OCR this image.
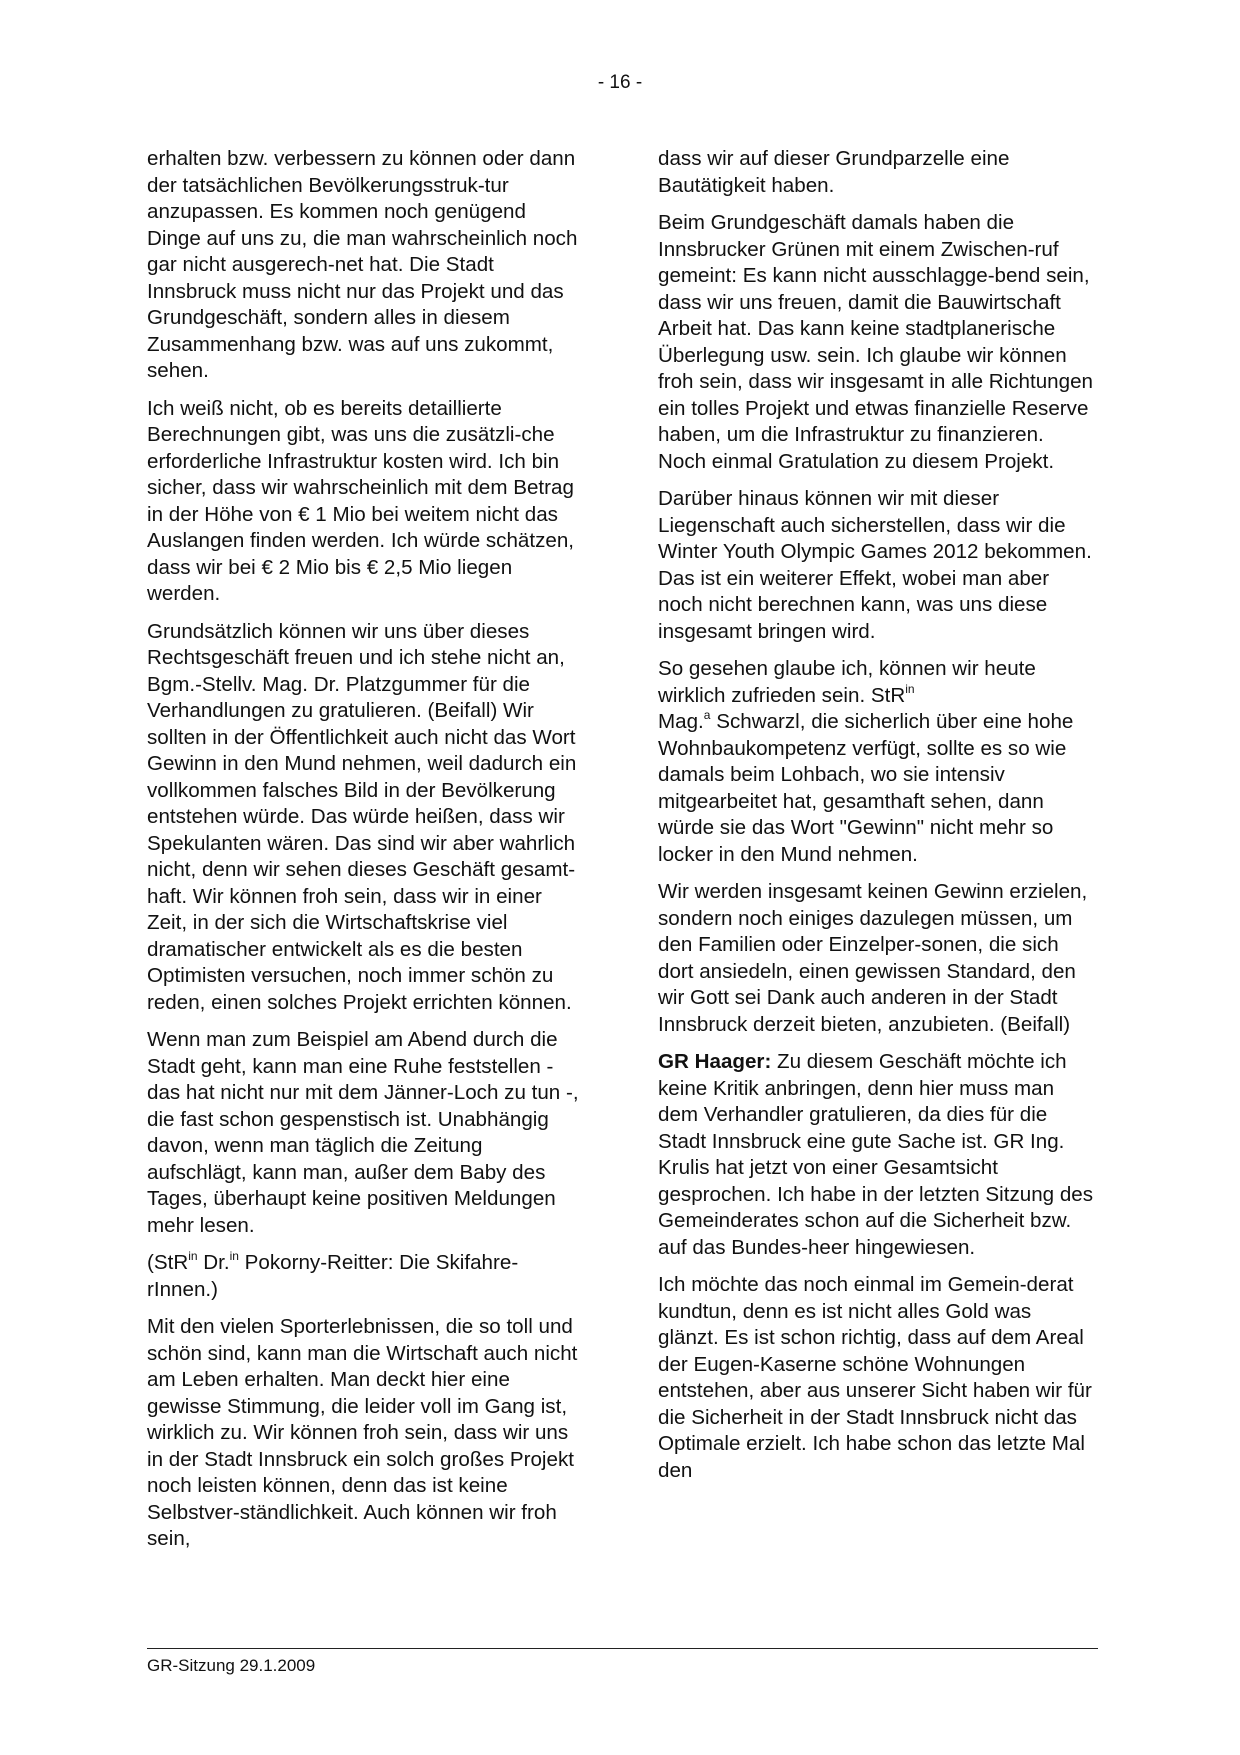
- 16 -

erhalten bzw. verbessern zu können oder dann der tatsächlichen Bevölkerungsstruk-tur anzupassen. Es kommen noch genügend Dinge auf uns zu, die man wahrscheinlich noch gar nicht ausgerech-net hat. Die Stadt Innsbruck muss nicht nur das Projekt und das Grundgeschäft, sondern alles in diesem Zusammenhang bzw. was auf uns zukommt, sehen.

Ich weiß nicht, ob es bereits detaillierte Berechnungen gibt, was uns die zusätzli-che erforderliche Infrastruktur kosten wird. Ich bin sicher, dass wir wahrscheinlich mit dem Betrag in der Höhe von € 1 Mio bei weitem nicht das Auslangen finden werden. Ich würde schätzen, dass wir bei € 2 Mio bis € 2,5 Mio liegen werden.

Grundsätzlich können wir uns über dieses Rechtsgeschäft freuen und ich stehe nicht an, Bgm.-Stellv. Mag. Dr. Platzgummer für die Verhandlungen zu gratulieren. (Beifall) Wir sollten in der Öffentlichkeit auch nicht das Wort Gewinn in den Mund nehmen, weil dadurch ein vollkommen falsches Bild in der Bevölkerung entstehen würde. Das würde heißen, dass wir Spekulanten wären. Das sind wir aber wahrlich nicht, denn wir sehen dieses Geschäft gesamt-haft. Wir können froh sein, dass wir in einer Zeit, in der sich die Wirtschaftskrise viel dramatischer entwickelt als es die besten Optimisten versuchen, noch immer schön zu reden, einen solches Projekt errichten können.

Wenn man zum Beispiel am Abend durch die Stadt geht, kann man eine Ruhe feststellen - das hat nicht nur mit dem Jänner-Loch zu tun -, die fast schon gespenstisch ist. Unabhängig davon, wenn man täglich die Zeitung aufschlägt, kann man, außer dem Baby des Tages, überhaupt keine positiven Meldungen mehr lesen.

(StR$^{in}$ Dr.$^{in}$ Pokorny-Reitter: Die Skifahre-rInnen.)

Mit den vielen Sporterlebnissen, die so toll und schön sind, kann man die Wirtschaft auch nicht am Leben erhalten. Man deckt hier eine gewisse Stimmung, die leider voll im Gang ist, wirklich zu. Wir können froh sein, dass wir uns in der Stadt Innsbruck ein solch großes Projekt noch leisten können, denn das ist keine Selbstver-ständlichkeit. Auch können wir froh sein,

dass wir auf dieser Grundparzelle eine Bautätigkeit haben.

Beim Grundgeschäft damals haben die Innsbrucker Grünen mit einem Zwischen-ruf gemeint: Es kann nicht ausschlagge-bend sein, dass wir uns freuen, damit die Bauwirtschaft Arbeit hat. Das kann keine stadtplanerische Überlegung usw. sein. Ich glaube wir können froh sein, dass wir insgesamt in alle Richtungen ein tolles Projekt und etwas finanzielle Reserve haben, um die Infrastruktur zu finanzieren. Noch einmal Gratulation zu diesem Projekt.

Darüber hinaus können wir mit dieser Liegenschaft auch sicherstellen, dass wir die Winter Youth Olympic Games 2012 bekommen. Das ist ein weiterer Effekt, wobei man aber noch nicht berechnen kann, was uns diese insgesamt bringen wird.

So gesehen glaube ich, können wir heute wirklich zufrieden sein. StR$^{in}$
Mag.$^a$ Schwarzl, die sicherlich über eine hohe Wohnbaukompetenz verfügt, sollte es so wie damals beim Lohbach, wo sie intensiv mitgearbeitet hat, gesamthaft sehen, dann würde sie das Wort "Gewinn" nicht mehr so locker in den Mund nehmen.

Wir werden insgesamt keinen Gewinn erzielen, sondern noch einiges dazulegen müssen, um den Familien oder Einzelper-sonen, die sich dort ansiedeln, einen gewissen Standard, den wir Gott sei Dank auch anderen in der Stadt Innsbruck derzeit bieten, anzubieten. (Beifall)

GR Haager: Zu diesem Geschäft möchte ich keine Kritik anbringen, denn hier muss man dem Verhandler gratulieren, da dies für die Stadt Innsbruck eine gute Sache ist. GR Ing. Krulis hat jetzt von einer Gesamtsicht gesprochen. Ich habe in der letzten Sitzung des Gemeinderates schon auf die Sicherheit bzw. auf das Bundes-heer hingewiesen.

Ich möchte das noch einmal im Gemein-derat kundtun, denn es ist nicht alles Gold was glänzt. Es ist schon richtig, dass auf dem Areal der Eugen-Kaserne schöne Wohnungen entstehen, aber aus unserer Sicht haben wir für die Sicherheit in der Stadt Innsbruck nicht das Optimale erzielt. Ich habe schon das letzte Mal den

GR-Sitzung 29.1.2009
